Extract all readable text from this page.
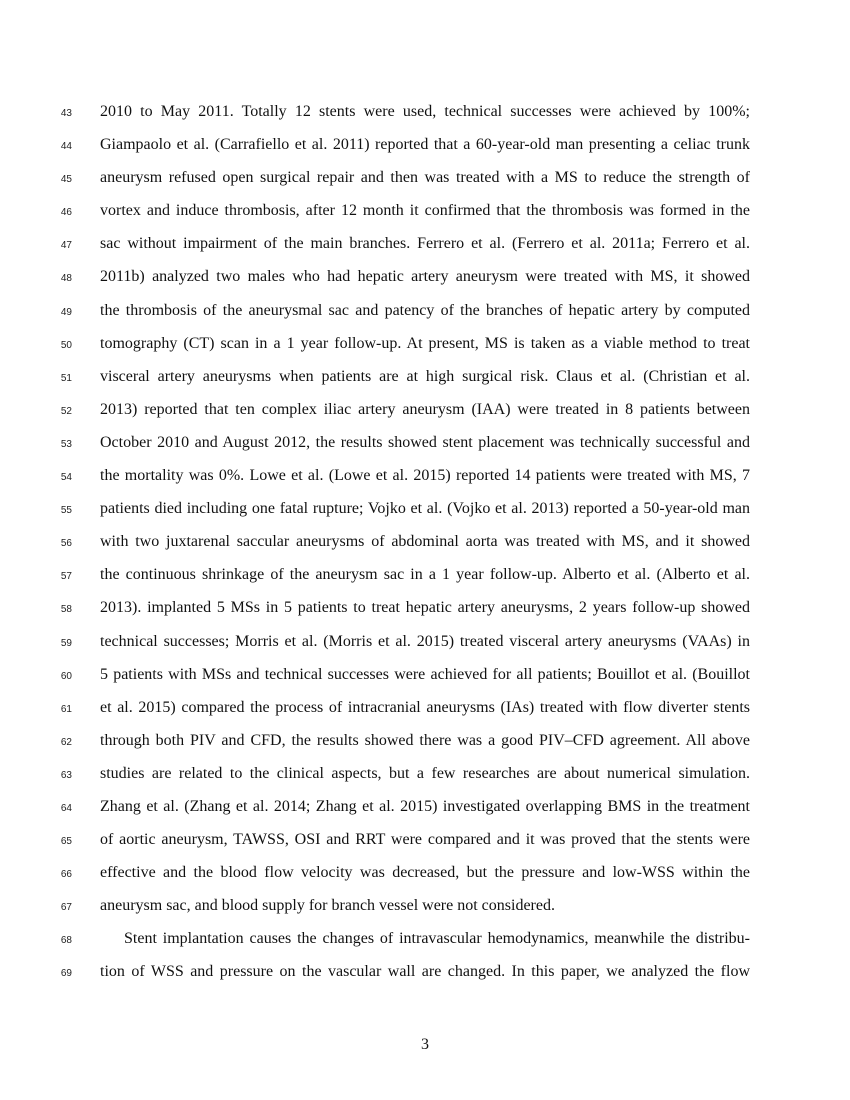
43 2010 to May 2011. Totally 12 stents were used, technical successes were achieved by 100%;
44 Giampaolo et al. (Carrafiello et al. 2011) reported that a 60-year-old man presenting a celiac trunk
45 aneurysm refused open surgical repair and then was treated with a MS to reduce the strength of
46 vortex and induce thrombosis, after 12 month it confirmed that the thrombosis was formed in the
47 sac without impairment of the main branches. Ferrero et al. (Ferrero et al. 2011a; Ferrero et al.
48 2011b) analyzed two males who had hepatic artery aneurysm were treated with MS, it showed
49 the thrombosis of the aneurysmal sac and patency of the branches of hepatic artery by computed
50 tomography (CT) scan in a 1 year follow-up. At present, MS is taken as a viable method to treat
51 visceral artery aneurysms when patients are at high surgical risk. Claus et al. (Christian et al.
52 2013) reported that ten complex iliac artery aneurysm (IAA) were treated in 8 patients between
53 October 2010 and August 2012, the results showed stent placement was technically successful and
54 the mortality was 0%. Lowe et al. (Lowe et al. 2015) reported 14 patients were treated with MS, 7
55 patients died including one fatal rupture; Vojko et al. (Vojko et al. 2013) reported a 50-year-old man
56 with two juxtarenal saccular aneurysms of abdominal aorta was treated with MS, and it showed
57 the continuous shrinkage of the aneurysm sac in a 1 year follow-up. Alberto et al. (Alberto et al.
58 2013). implanted 5 MSs in 5 patients to treat hepatic artery aneurysms, 2 years follow-up showed
59 technical successes; Morris et al. (Morris et al. 2015) treated visceral artery aneurysms (VAAs) in
60 5 patients with MSs and technical successes were achieved for all patients; Bouillot et al. (Bouillot
61 et al. 2015) compared the process of intracranial aneurysms (IAs) treated with flow diverter stents
62 through both PIV and CFD, the results showed there was a good PIV–CFD agreement. All above
63 studies are related to the clinical aspects, but a few researches are about numerical simulation.
64 Zhang et al. (Zhang et al. 2014; Zhang et al. 2015) investigated overlapping BMS in the treatment
65 of aortic aneurysm, TAWSS, OSI and RRT were compared and it was proved that the stents were
66 effective and the blood flow velocity was decreased, but the pressure and low-WSS within the
67 aneurysm sac, and blood supply for branch vessel were not considered.
68	Stent implantation causes the changes of intravascular hemodynamics, meanwhile the distribu-
69 tion of WSS and pressure on the vascular wall are changed. In this paper, we analyzed the flow
3
